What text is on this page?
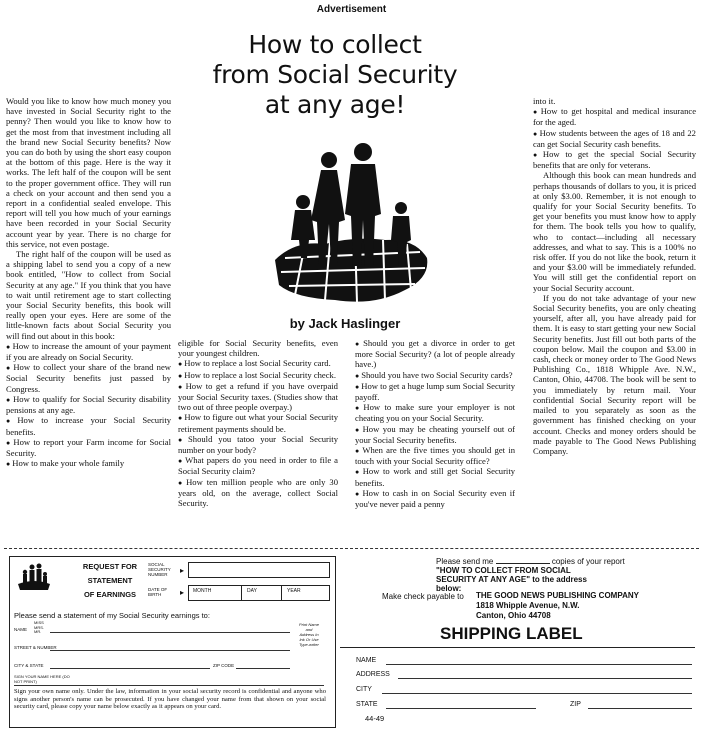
Advertisement
How to collect
from Social Security
at any age!
by Jack Haslinger

Would you like to know how much money you have invested in Social Security right to the penny? Then would you like to know how to get the most from that investment including all the brand new Social Security benefits? Now you can do both by using the short easy coupon at the bottom of this page. Here is the way it works. The left half of the coupon will be sent to the proper government office. They will run a check on your account and then send you a report in a confidential sealed envelope. This report will tell you how much of your earnings have been recorded in your Social Security account year by year. There is no charge for this service, not even postage.

The right half of the coupon will be used as a shipping label to send you a copy of a new book entitled, "How to collect from Social Security at any age." If you think that you have to wait until retirement age to start collecting your Social Security benefits, this book will really open your eyes. Here are some of the little-known facts about Social Security you will find out about in this book:

● How to increase the amount of your payment if you are already on Social Security.

● How to collect your share of the brand new Social Security benefits just passed by Congress.

● How to qualify for Social Security disability pensions at any age.

● How to increase your Social Security benefits.

● How to report your Farm income for Social Security.

● How to make your whole family

eligible for Social Security benefits, even your youngest children.

● How to replace a lost Social Security card.

● How to replace a lost Social Security check.

● How to get a refund if you have overpaid your Social Security taxes. (Studies show that two out of three people overpay.)

● How to figure out what your Social Security retirement payments should be.

● Should you tatoo your Social Security number on your body?

● What papers do you need in order to file a Social Security claim?

● How ten million people who are only 30 years old, on the average, collect Social Security.

● Should you get a divorce in order to get more Social Security? (a lot of people already have.)

● Should you have two Social Security cards?

● How to get a huge lump sum Social Security payoff.

● How to make sure your employer is not cheating you on your Social Security.

● How you may be cheating yourself out of your Social Security benefits.

● When are the five times you should get in touch with your Social Security office?

● How to work and still get Social Security benefits.

● How to cash in on Social Security even if you've never paid a penny

into it.

● How to get hospital and medical insurance for the aged.

● How students between the ages of 18 and 22 can get Social Security cash benefits.

● How to get the special Social Security benefits that are only for veterans.

Although this book can mean hundreds and perhaps thousands of dollars to you, it is priced at only $3.00. Remember, it is not enough to qualify for your Social Security benefits. To get your benefits you must know how to apply for them. The book tells you how to qualify, who to contact—including all necessary addresses, and what to say. This is a 100% no risk offer. If you do not like the book, return it and your $3.00 will be immediately refunded. You will still get the confidential report on your Social Security account.

If you do not take advantage of your new Social Security benefits, you are only cheating yourself, after all, you have already paid for them. It is easy to start getting your new Social Security benefits. Just fill out both parts of the coupon below. Mail the coupon and $3.00 in cash, check or money order to The Good News Publishing Co., 1818 Whipple Ave. N.W., Canton, Ohio, 44708. The book will be sent to you immediately by return mail. Your confidential Social Security report will be mailed to you separately as soon as the government has finished checking on your account. Checks and money orders should be made payable to The Good News Publishing Company.

REQUEST FOR
STATEMENT
OF EARNINGS
SOCIAL SECURITY NUMBER	▸
DATE OF BIRTH	▸ MONTH	DAY	YEAR
Please send a statement of my Social Security earnings to:
NAME
MISS MRS. MR.
STREET & NUMBER
CITY & STATE	ZIP CODE
Print Name and Address In Ink Or Use Type-writer
SIGN YOUR NAME HERE (DO NOT PRINT)
Sign your own name only. Under the law, information in your social security record is confidential and anyone who signs another person's name can be prosecuted. If you have changed your name from that shown on your social security card, please copy your name below exactly as it appears on your card.
Please send me	copies of your report
"HOW TO COLLECT FROM SOCIAL SECURITY AT ANY AGE" to the address below:
Make check payable to THE GOOD NEWS PUBLISHING COMPANY
1818 Whipple Avenue, N.W.
Canton, Ohio 44708
SHIPPING LABEL
NAME
ADDRESS
CITY
STATE	ZIP
44-49
